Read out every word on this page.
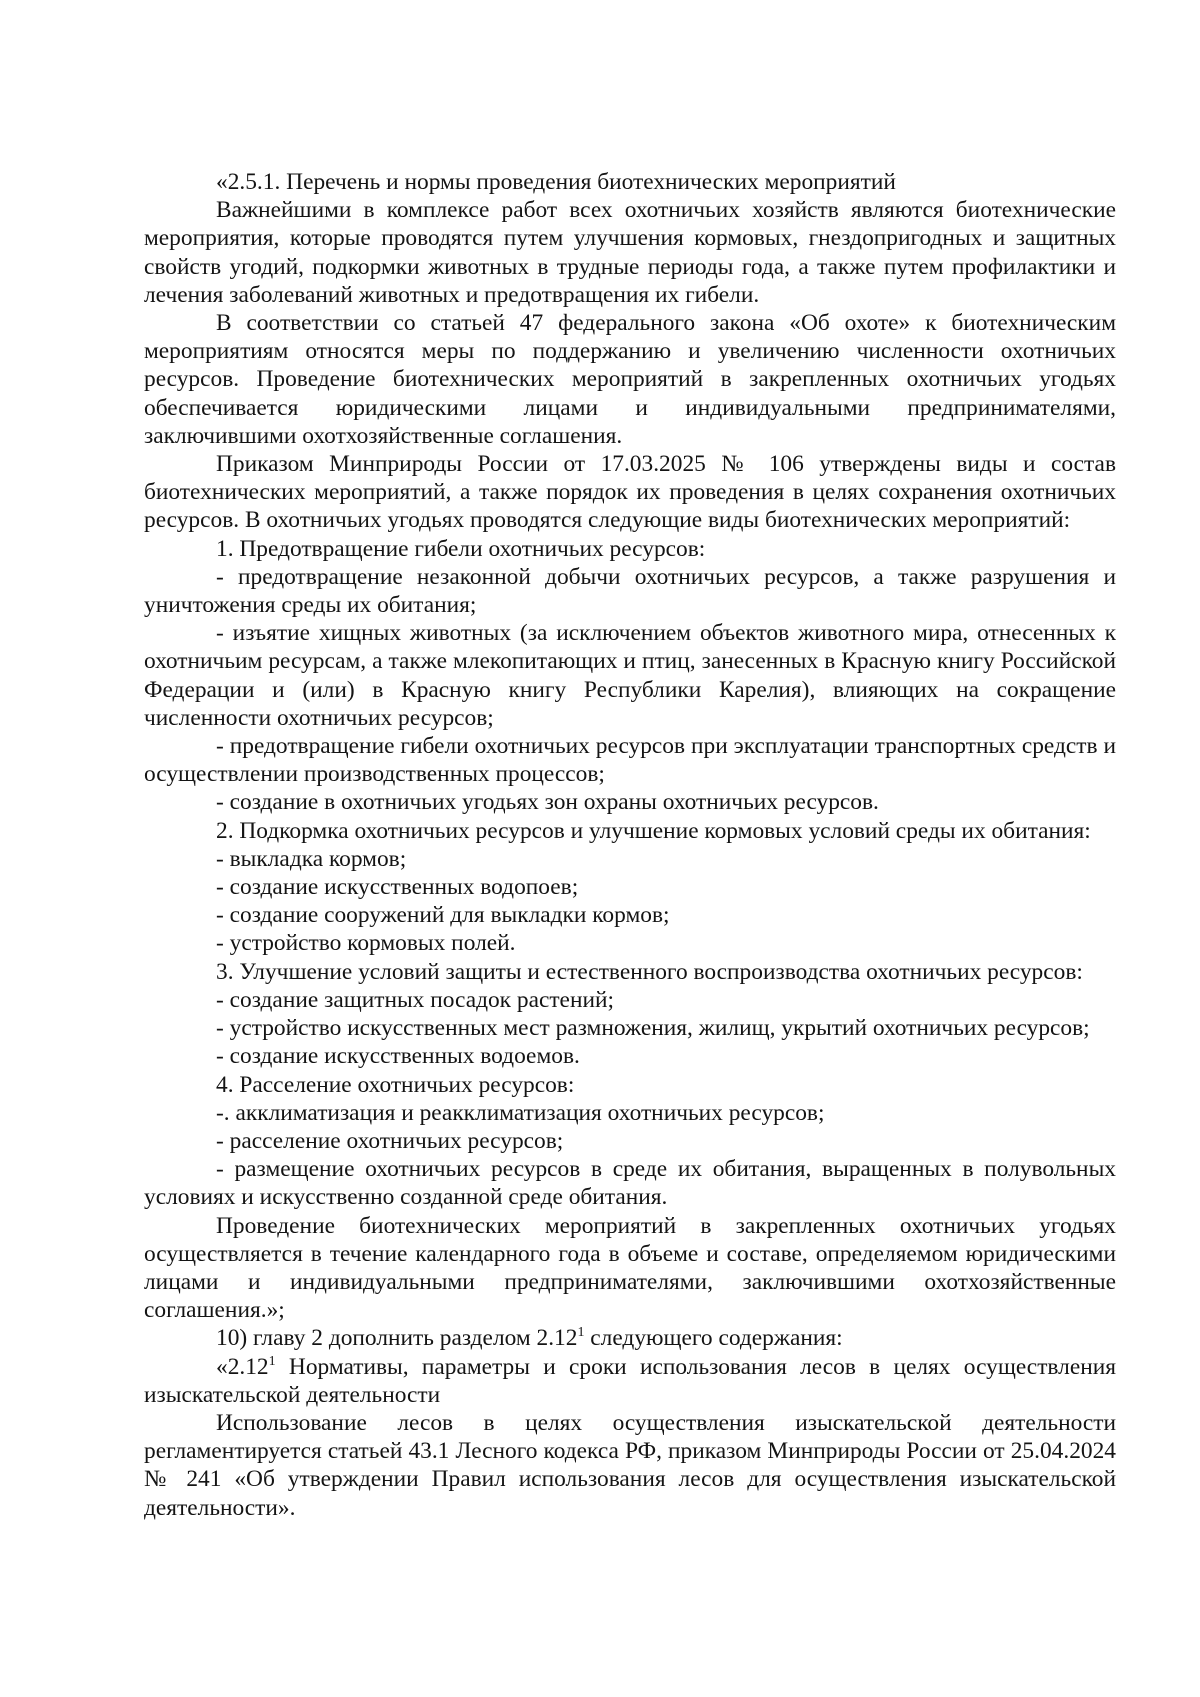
«2.5.1. Перечень и нормы проведения биотехнических мероприятий

Важнейшими в комплексе работ всех охотничьих хозяйств являются биотехнические мероприятия, которые проводятся путем улучшения кормовых, гнездопригодных и защитных свойств угодий, подкормки животных в трудные периоды года, а также путем профилактики и лечения заболеваний животных и предотвращения их гибели.

В соответствии со статьей 47 федерального закона «Об охоте» к биотехническим мероприятиям относятся меры по поддержанию и увеличению численности охотничьих ресурсов. Проведение биотехнических мероприятий в закрепленных охотничьих угодьях обеспечивается юридическими лицами и индивидуальными предпринимателями, заключившими охотхозяйственные соглашения.

Приказом Минприроды России от 17.03.2025 № 106 утверждены виды и состав биотехнических мероприятий, а также порядок их проведения в целях сохранения охотничьих ресурсов. В охотничьих угодьях проводятся следующие виды биотехнических мероприятий:

1. Предотвращение гибели охотничьих ресурсов:

- предотвращение незаконной добычи охотничьих ресурсов, а также разрушения и уничтожения среды их обитания;

- изъятие хищных животных (за исключением объектов животного мира, отнесенных к охотничьим ресурсам, а также млекопитающих и птиц, занесенных в Красную книгу Российской Федерации и (или) в Красную книгу Республики Карелия), влияющих на сокращение численности охотничьих ресурсов;

- предотвращение гибели охотничьих ресурсов при эксплуатации транспортных средств и осуществлении производственных процессов;

- создание в охотничьих угодьях зон охраны охотничьих ресурсов.

2. Подкормка охотничьих ресурсов и улучшение кормовых условий среды их обитания:

- выкладка кормов;

- создание искусственных водопоев;

- создание сооружений для выкладки кормов;

- устройство кормовых полей.

3. Улучшение условий защиты и естественного воспроизводства охотничьих ресурсов:

- создание защитных посадок растений;

- устройство искусственных мест размножения, жилищ, укрытий охотничьих ресурсов;

- создание искусственных водоемов.

4. Расселение охотничьих ресурсов:

-. акклиматизация и реакклиматизация охотничьих ресурсов;

- расселение охотничьих ресурсов;

- размещение охотничьих ресурсов в среде их обитания, выращенных в полувольных условиях и искусственно созданной среде обитания.

Проведение биотехнических мероприятий в закрепленных охотничьих угодьях осуществляется в течение календарного года в объеме и составе, определяемом юридическими лицами и индивидуальными предпринимателями, заключившими охотхозяйственные соглашения.»;

10) главу 2 дополнить разделом 2.12$^1$ следующего содержания:

«2.12$^1$ Нормативы, параметры и сроки использования лесов в целях осуществления изыскательской деятельности

Использование лесов в целях осуществления изыскательской деятельности регламентируется статьей 43.1 Лесного кодекса РФ, приказом Минприроды России от 25.04.2024 № 241 «Об утверждении Правил использования лесов для осуществления изыскательской деятельности».
